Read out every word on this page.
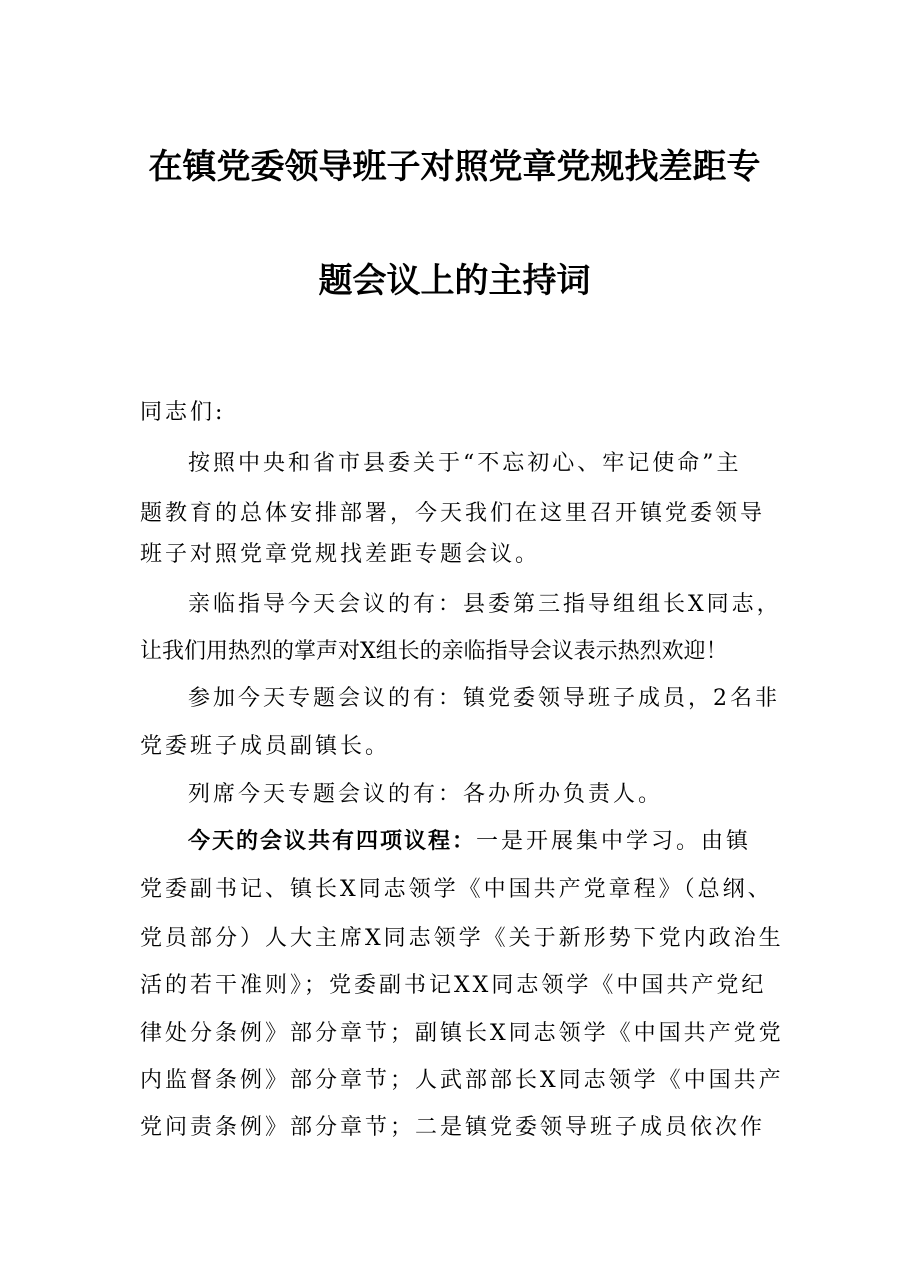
在镇党委领导班子对照党章党规找差距专
题会议上的主持词
同志们:
按照中央和省市县委关于“不忘初心、牢记使命”主
题教育的总体安排部署，今天我们在这里召开镇党委领导
班子对照党章党规找差距专题会议。
亲临指导今天会议的有：县委第三指导组组长X同志，
让我们用热烈的掌声对X组长的亲临指导会议表示热烈欢迎！
参加今天专题会议的有：镇党委领导班子成员，2名非
党委班子成员副镇长。
列席今天专题会议的有：各办所办负责人。
今天的会议共有四项议程：一是开展集中学习。由镇
党委副书记、镇长X同志领学《中国共产党章程》（总纲、
党员部分）人大主席X同志领学《关于新形势下党内政治生
活的若干准则》；党委副书记XX同志领学《中国共产党纪
律处分条例》部分章节；副镇长X同志领学《中国共产党党
内监督条例》部分章节；人武部部长X同志领学《中国共产
党问责条例》部分章节；二是镇党委领导班子成员依次作
